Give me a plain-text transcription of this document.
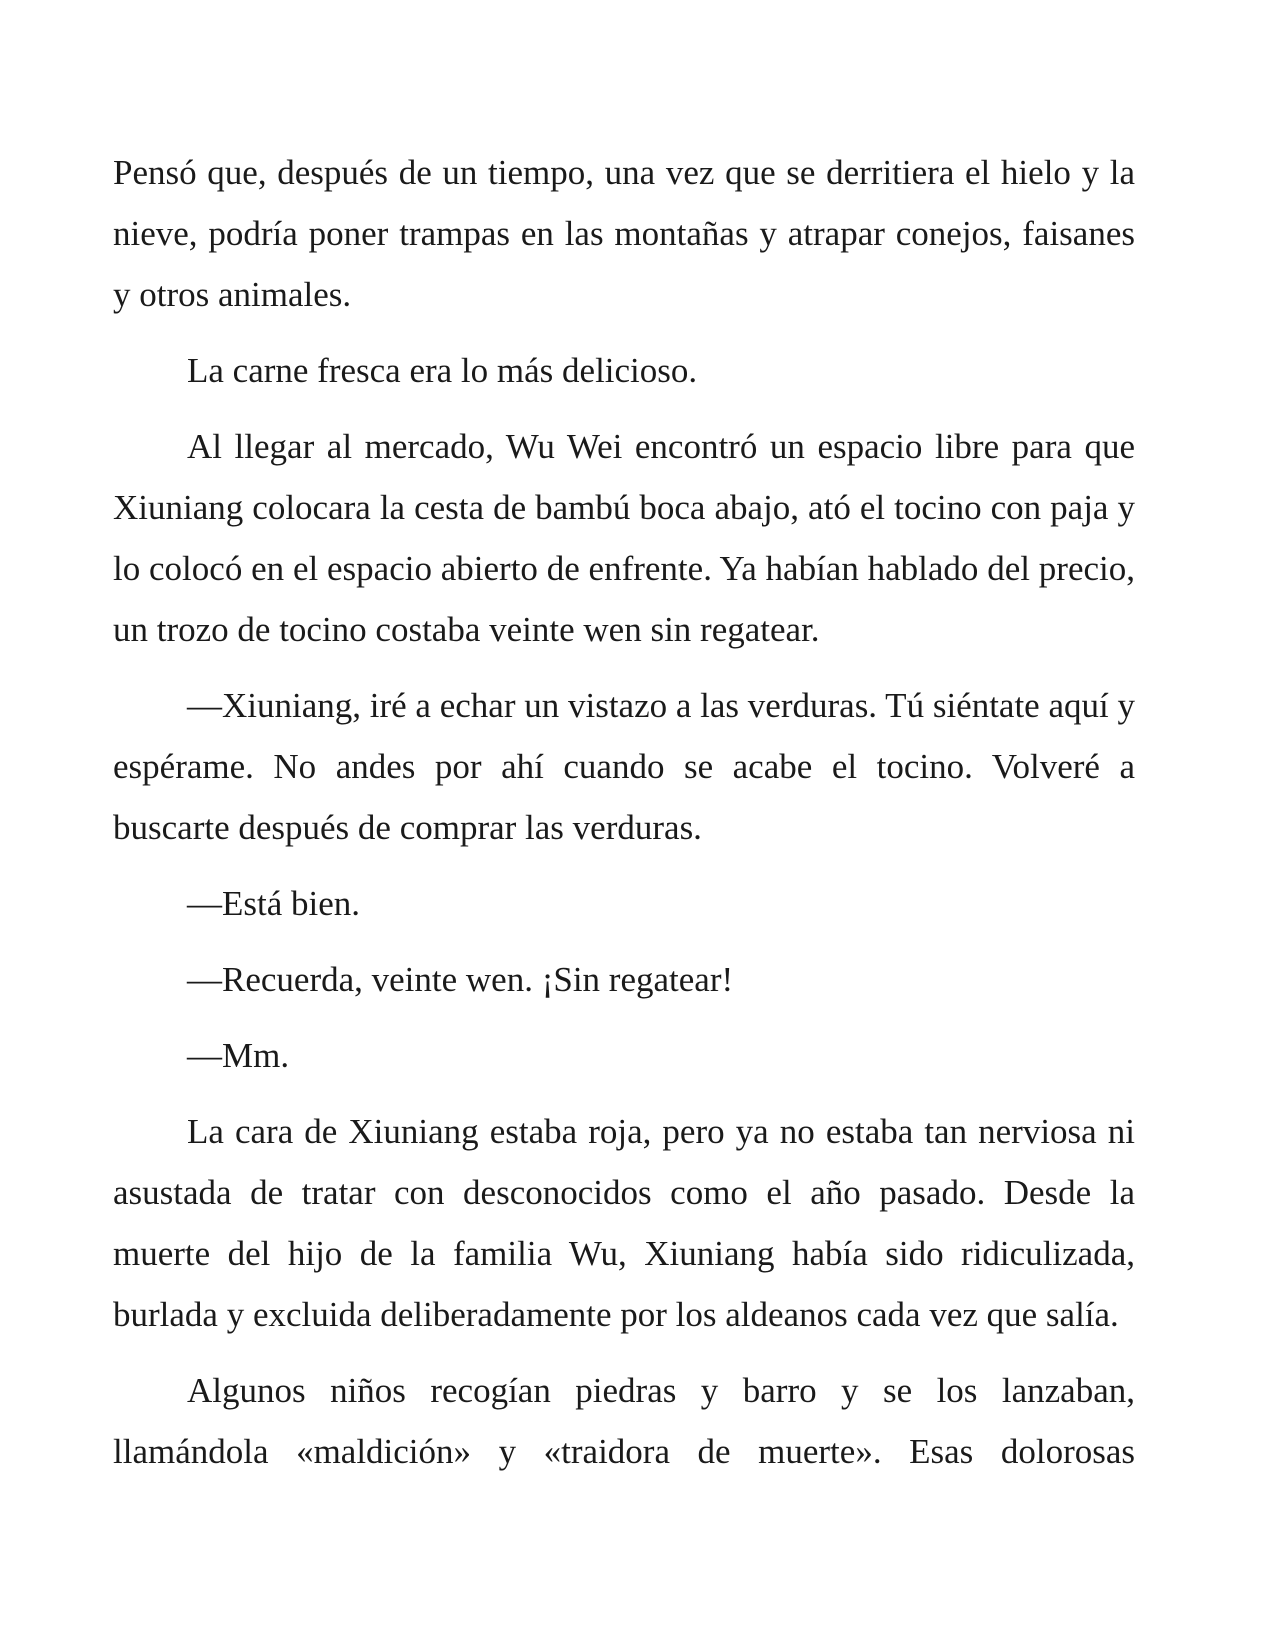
Pensó que, después de un tiempo, una vez que se derritiera el hielo y la nieve, podría poner trampas en las montañas y atrapar conejos, faisanes y otros animales.

La carne fresca era lo más delicioso.

Al llegar al mercado, Wu Wei encontró un espacio libre para que Xiuniang colocara la cesta de bambú boca abajo, ató el tocino con paja y lo colocó en el espacio abierto de enfrente. Ya habían hablado del precio, un trozo de tocino costaba veinte wen sin regatear.

—Xiuniang, iré a echar un vistazo a las verduras. Tú siéntate aquí y espérame. No andes por ahí cuando se acabe el tocino. Volveré a buscarte después de comprar las verduras.

—Está bien.

—Recuerda, veinte wen. ¡Sin regatear!

—Mm.

La cara de Xiuniang estaba roja, pero ya no estaba tan nerviosa ni asustada de tratar con desconocidos como el año pasado. Desde la muerte del hijo de la familia Wu, Xiuniang había sido ridiculizada, burlada y excluida deliberadamente por los aldeanos cada vez que salía.

Algunos niños recogían piedras y barro y se los lanzaban, llamándola «maldición» y «traidora de muerte». Esas dolorosas
